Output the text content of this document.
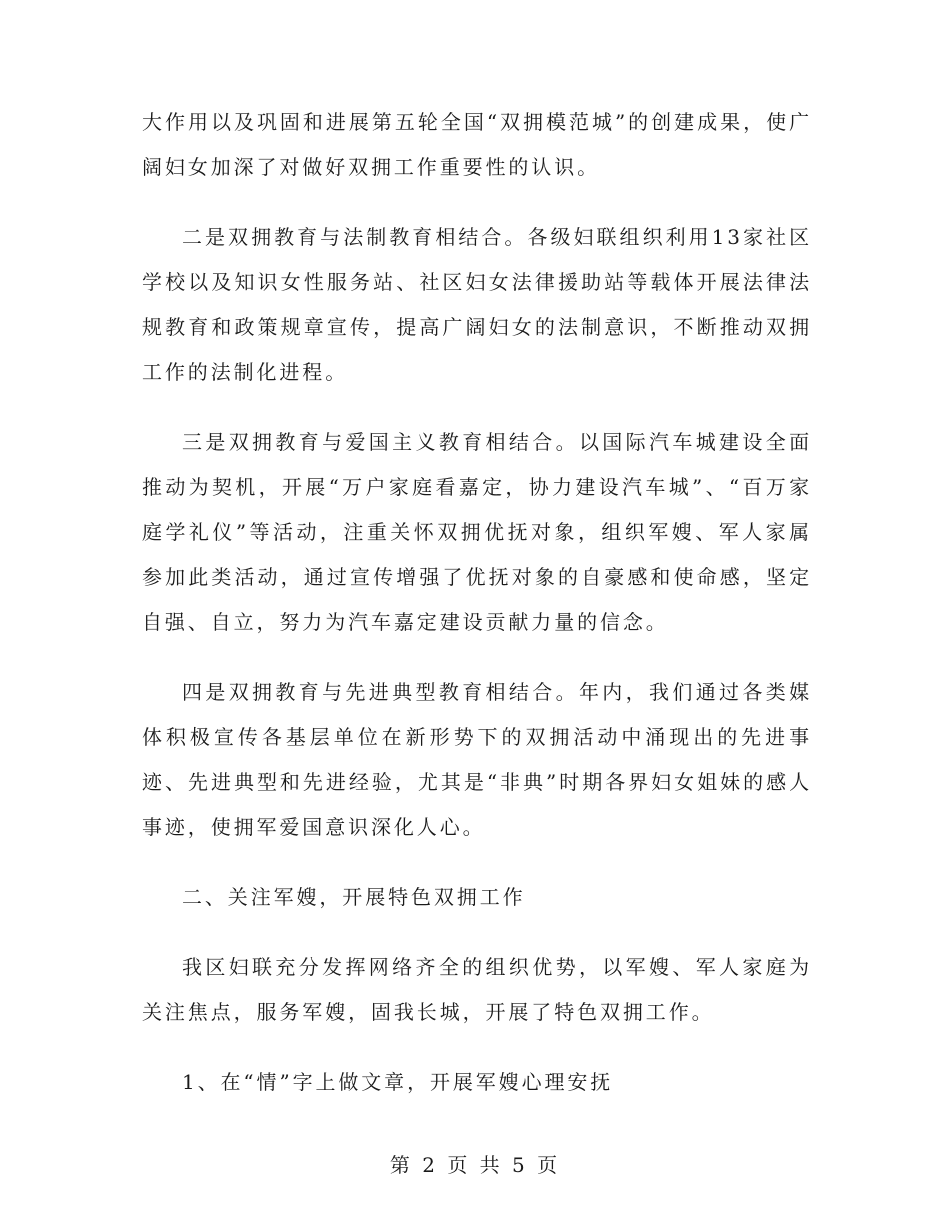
大作用以及巩固和进展第五轮全国“双拥模范城”的创建成果，使广阔妇女加深了对做好双拥工作重要性的认识。

二是双拥教育与法制教育相结合。各级妇联组织利用13家社区学校以及知识女性服务站、社区妇女法律援助站等载体开展法律法规教育和政策规章宣传，提高广阔妇女的法制意识，不断推动双拥工作的法制化进程。

三是双拥教育与爱国主义教育相结合。以国际汽车城建设全面推动为契机，开展“万户家庭看嘉定，协力建设汽车城”、“百万家庭学礼仪”等活动，注重关怀双拥优抚对象，组织军嫂、军人家属参加此类活动，通过宣传增强了优抚对象的自豪感和使命感，坚定自强、自立，努力为汽车嘉定建设贡献力量的信念。

四是双拥教育与先进典型教育相结合。年内，我们通过各类媒体积极宣传各基层单位在新形势下的双拥活动中涌现出的先进事迹、先进典型和先进经验，尤其是“非典”时期各界妇女姐妹的感人事迹，使拥军爱国意识深化人心。

二、关注军嫂，开展特色双拥工作

我区妇联充分发挥网络齐全的组织优势，以军嫂、军人家庭为关注焦点，服务军嫂，固我长城，开展了特色双拥工作。

1、在“情”字上做文章，开展军嫂心理安抚

第 2 页 共 5 页
